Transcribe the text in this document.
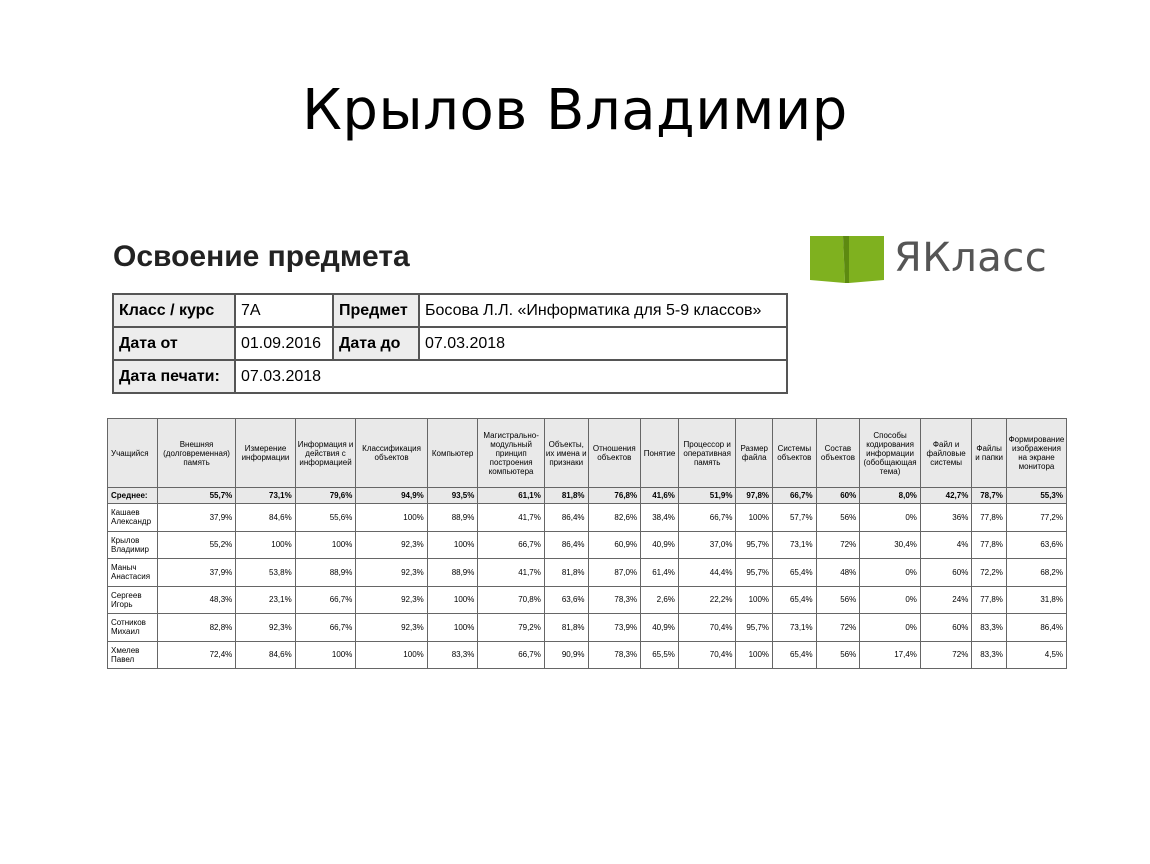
Крылов Владимир
Освоение предмета	ЯКласс
Класс / курс	7А	Предмет	Босова Л.Л. «Информатика для 5-9 классов»
Дата от	01.09.2016	Дата до	07.03.2018
Дата печати:	07.03.2018		
Учащийся	Внешняя (долговременная) память	Измерение информации	Информация и действия с информацией	Классификация объектов	Компьютер	Магистрально-модульный принцип построения компьютера	Объекты, их имена и признаки	Отношения объектов	Понятие	Процессор и оперативная память	Размер файла	Системы объектов	Состав объектов	Способы кодирования информации (обобщающая тема)	Файл и файловые системы	Файлы и папки	Формирование изображения на экране монитора
Среднее:	55,7%	73,1%	79,6%	94,9%	93,5%	61,1%	81,8%	76,8%	41,6%	51,9%	97,8%	66,7%	60%	8,0%	42,7%	78,7%	55,3%
Кашаев Александр	37,9%	84,6%	55,6%	100%	88,9%	41,7%	86,4%	82,6%	38,4%	66,7%	100%	57,7%	56%	0%	36%	77,8%	77,2%
Крылов Владимир	55,2%	100%	100%	92,3%	100%	66,7%	86,4%	60,9%	40,9%	37,0%	95,7%	73,1%	72%	30,4%	4%	77,8%	63,6%
Маныч Анастасия	37,9%	53,8%	88,9%	92,3%	88,9%	41,7%	81,8%	87,0%	61,4%	44,4%	95,7%	65,4%	48%	0%	60%	72,2%	68,2%
Сергеев Игорь	48,3%	23,1%	66,7%	92,3%	100%	70,8%	63,6%	78,3%	2,6%	22,2%	100%	65,4%	56%	0%	24%	77,8%	31,8%
Сотников Михаил	82,8%	92,3%	66,7%	92,3%	100%	79,2%	81,8%	73,9%	40,9%	70,4%	95,7%	73,1%	72%	0%	60%	83,3%	86,4%
Хмелев Павел	72,4%	84,6%	100%	100%	83,3%	66,7%	90,9%	78,3%	65,5%	70,4%	100%	65,4%	56%	17,4%	72%	83,3%	4,5%
